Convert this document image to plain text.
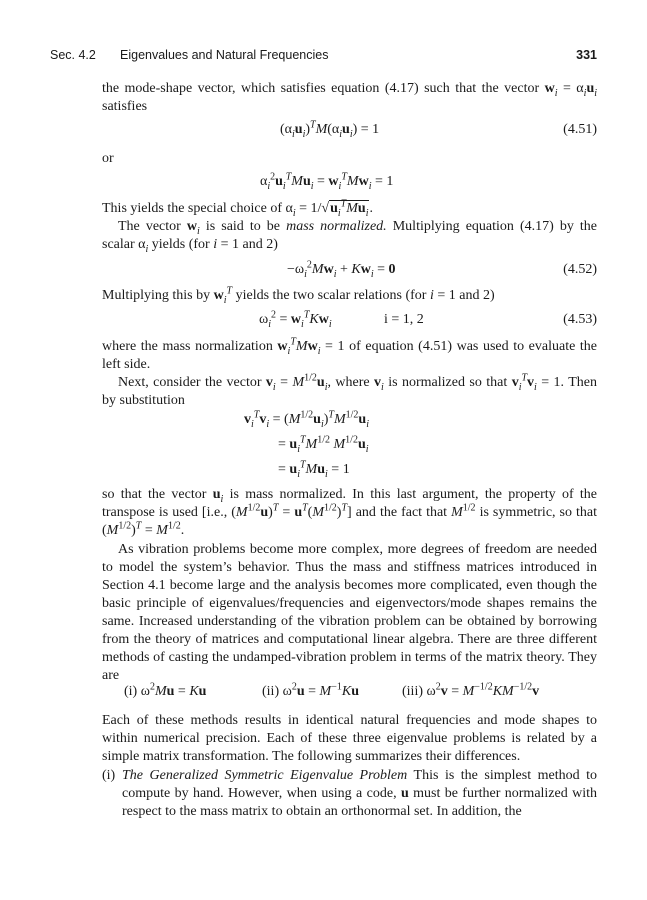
Sec. 4.2 Eigenvalues and Natural Frequencies	331
the mode-shape vector, which satisfies equation (4.17) such that the vector $w_i = \alpha_iu_i$ satisfies
$(\alpha_iu_i)^TM(\alpha_iu_i) = 1$	(4.51)
or
$\alpha_i^2u_i^TMu_i = w_i^TMw_i = 1$
This yields the special choice of $\alpha_i = 1/√u_i^TMu_i$.
The vector $w_i$ is said to be mass normalized. Multiplying equation (4.17) by the scalar $\alpha_i$ yields (for i = 1 and 2)
$-\omega_i^2Mw_i + Kw_i = 0$	(4.52)
Multiplying this by $w_i^T$ yields the two scalar relations (for i = 1 and 2)
$\omega_i^2 = w_i^TKw_i$	i = 1, 2	(4.53)
where the mass normalization $w_i^TMw_i = 1$ of equation (4.51) was used to evaluate the left side.
Next, consider the vector $v_i = M^{1/2}u_i$, where $v_i$ is normalized so that $v_i^Tv_i = 1$. Then by substitution
$v_i^Tv_i = (M^{1/2}u_i)^TM^{1/2}u_i$
= $u_i^TM^{1/2}$ $M^{1/2}u_i$
= $u_i^TMu_i = 1$
so that the vector $u_i$ is mass normalized. In this last argument, the property of the transpose is used [i.e., $(M^{1/2}u)^T = u^T(M^{1/2})^T$] and the fact that $M^{1/2}$ is symmetric, so that $(M^{1/2})^T = M^{1/2}$.
As vibration problems become more complex, more degrees of freedom are needed to model the system’s behavior. Thus the mass and stiffness matrices introduced in Section 4.1 become large and the analysis becomes more complicated, even though the basic principle of eigenvalues/frequencies and eigenvectors/mode shapes remains the same. Increased understanding of the vibration problem can be obtained by borrowing from the theory of matrices and computational linear algebra. There are three different methods of casting the undamped-vibration problem in terms of the matrix theory. They are
(i) $\omega^2Mu = Ku$	(ii) $\omega^2u = M^{-1}Ku$	(iii) $\omega^2v = M^{-1/2}KM^{-1/2}v$
Each of these methods results in identical natural frequencies and mode shapes to within numerical precision. Each of these three eigenvalue problems is related by a simple matrix transformation. The following summarizes their differences.
(i) The Generalized Symmetric Eigenvalue Problem This is the simplest method to compute by hand. However, when using a code, u must be further normalized with respect to the mass matrix to obtain an orthonormal set. In addition, the
